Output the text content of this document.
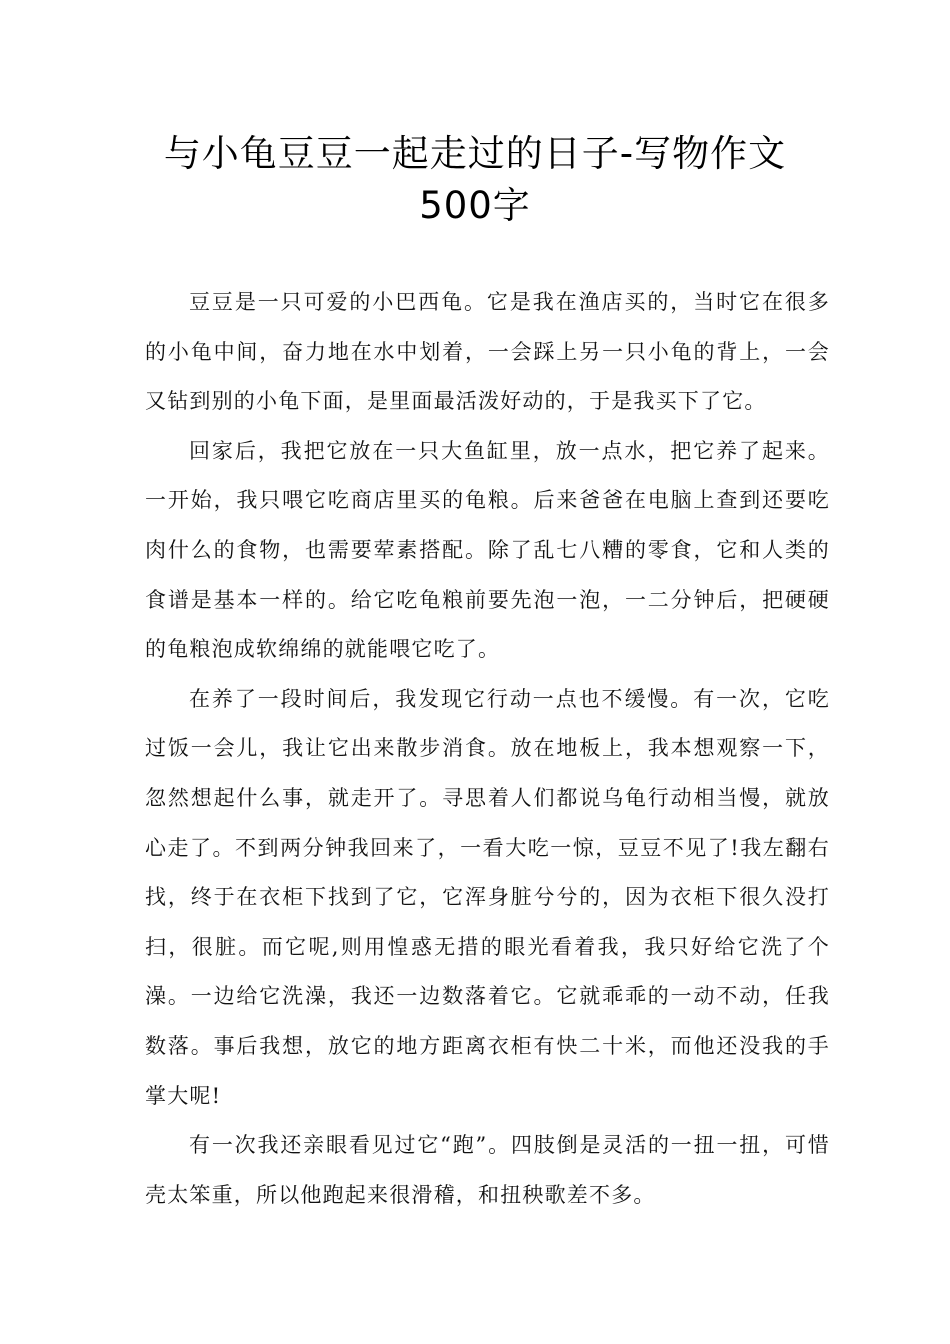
与小龟豆豆一起走过的日子-写物作文
500字

豆豆是一只可爱的小巴西龟。它是我在渔店买的，当时它在很多的小龟中间，奋力地在水中划着，一会踩上另一只小龟的背上，一会又钻到别的小龟下面，是里面最活泼好动的，于是我买下了它。

回家后，我把它放在一只大鱼缸里，放一点水，把它养了起来。一开始，我只喂它吃商店里买的龟粮。后来爸爸在电脑上查到还要吃肉什么的食物，也需要荤素搭配。除了乱七八糟的零食，它和人类的食谱是基本一样的。给它吃龟粮前要先泡一泡，一二分钟后，把硬硬的龟粮泡成软绵绵的就能喂它吃了。

在养了一段时间后，我发现它行动一点也不缓慢。有一次，它吃过饭一会儿，我让它出来散步消食。放在地板上，我本想观察一下，忽然想起什么事，就走开了。寻思着人们都说乌龟行动相当慢，就放心走了。不到两分钟我回来了，一看大吃一惊，豆豆不见了!我左翻右找，终于在衣柜下找到了它，它浑身脏兮兮的，因为衣柜下很久没打扫，很脏。而它呢,则用惶惑无措的眼光看着我，我只好给它洗了个澡。一边给它洗澡，我还一边数落着它。它就乖乖的一动不动，任我数落。事后我想，放它的地方距离衣柜有快二十米，而他还没我的手掌大呢!

有一次我还亲眼看见过它“跑”。四肢倒是灵活的一扭一扭，可惜壳太笨重，所以他跑起来很滑稽，和扭秧歌差不多。
